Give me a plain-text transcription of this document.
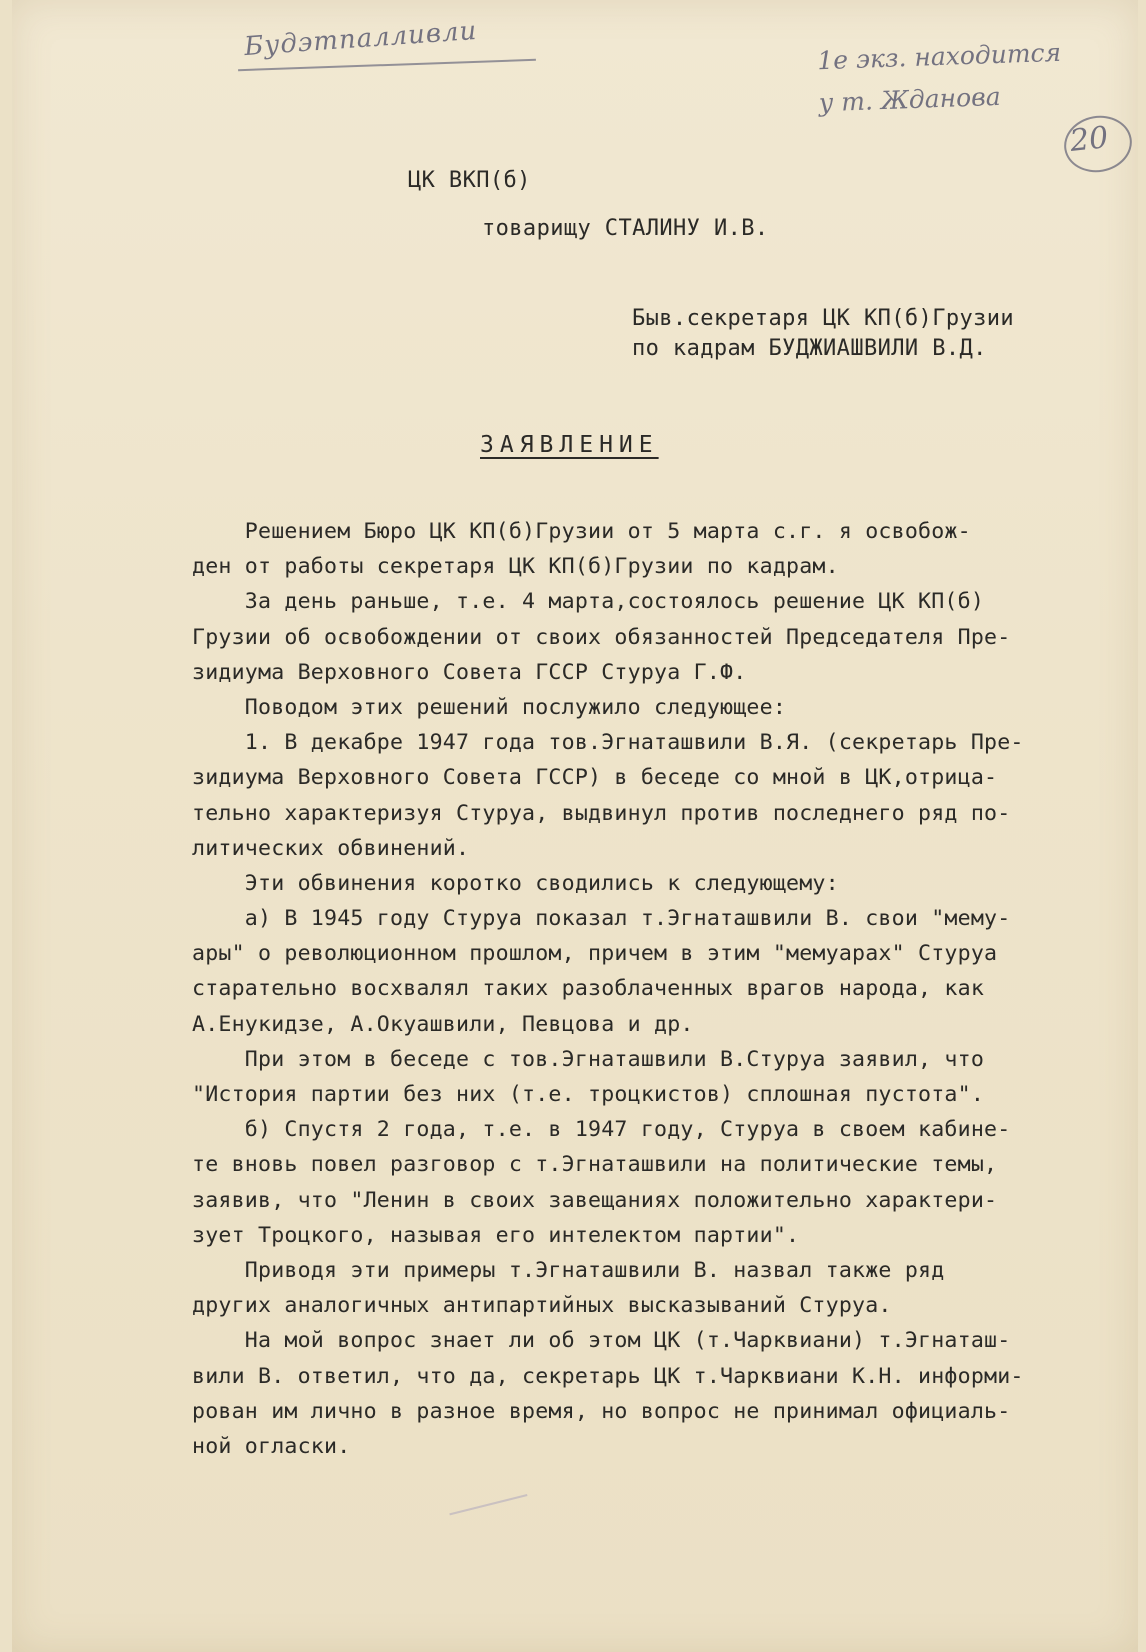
Будэтпалливли	1е экз. находится
у т. Жданова
20
ЦК ВКП(б)
товарищу СТАЛИНУ И.В.
Быв.секретаря ЦК КП(б)Грузии
по кадрам БУДЖИАШВИЛИ В.Д.
ЗАЯВЛЕНИЕ
Решением Бюро ЦК КП(б)Грузии от 5 марта с.г. я освобож-
ден от работы секретаря ЦК КП(б)Грузии по кадрам.
За день раньше, т.е. 4 марта,состоялось решение ЦК КП(б)
Грузии об освобождении от своих обязанностей Председателя Пре-
зидиума Верховного Совета ГССР Стуруа Г.Ф.
Поводом этих решений послужило следующее:
1. В декабре 1947 года тов.Эгнаташвили В.Я. (секретарь Пре-
зидиума Верховного Совета ГССР) в беседе со мной в ЦК,отрица-
тельно характеризуя Стуруа, выдвинул против последнего ряд по-
литических обвинений.
Эти обвинения коротко сводились к следующему:
а) В 1945 году Стуруа показал т.Эгнаташвили В. свои "мему-
ары" о революционном прошлом, причем в этим "мемуарах" Стуруа
старательно восхвалял таких разоблаченных врагов народа, как
А.Енукидзе, А.Окуашвили, Певцова и др.
При этом в беседе с тов.Эгнаташвили В.Стуруа заявил, что
"История партии без них (т.е. троцкистов) сплошная пустота".
б) Спустя 2 года, т.е. в 1947 году, Стуруа в своем кабине-
те вновь повел разговор с т.Эгнаташвили на политические темы,
заявив, что "Ленин в своих завещаниях положительно характери-
зует Троцкого, называя его интелектом партии".
Приводя эти примеры т.Эгнаташвили В. назвал также ряд
других аналогичных антипартийных высказываний Стуруа.
На мой вопрос знает ли об этом ЦК (т.Чарквиани) т.Эгнаташ-
вили В. ответил, что да, секретарь ЦК т.Чарквиани К.Н. информи-
рован им лично в разное время, но вопрос не принимал официаль-
ной огласки.
